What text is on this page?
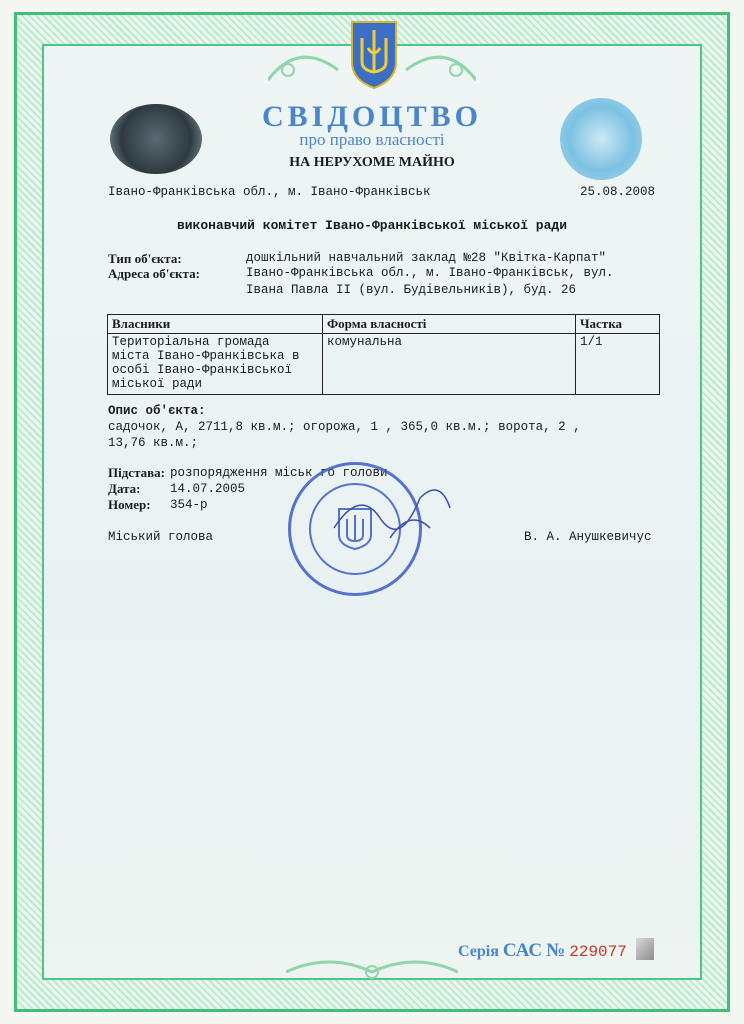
СВІДОЦТВО
про право власності
НА НЕРУХОМЕ МАЙНО
Івано-Франківська обл., м. Івано-Франківськ	25.08.2008
виконавчий комітет Івано-Франківської міської ради
Тип об'єкта:	дошкільний навчальний заклад №28 "Квітка-Карпат"
Адреса об'єкта:	Івано-Франківська обл., м. Івано-Франківськ, вул.
Івана Павла II (вул. Будівельників), буд. 26
Власники	Форма власності	Частка

Територіальна громада
міста Івано-Франківська в
особі Івано-Франківської
міської ради	комунальна	1/1
Опис об'єкта:
садочок, А, 2711,8 кв.м.; огорожа, 1 , 365,0 кв.м.; ворота, 2 ,
13,76 кв.м.;
Підстава: розпорядження міськ го голови
Дата: 14.07.2005
Номер: 354-р
Міський голова	В. А. Анушкевичус
Серія САС № 229077
